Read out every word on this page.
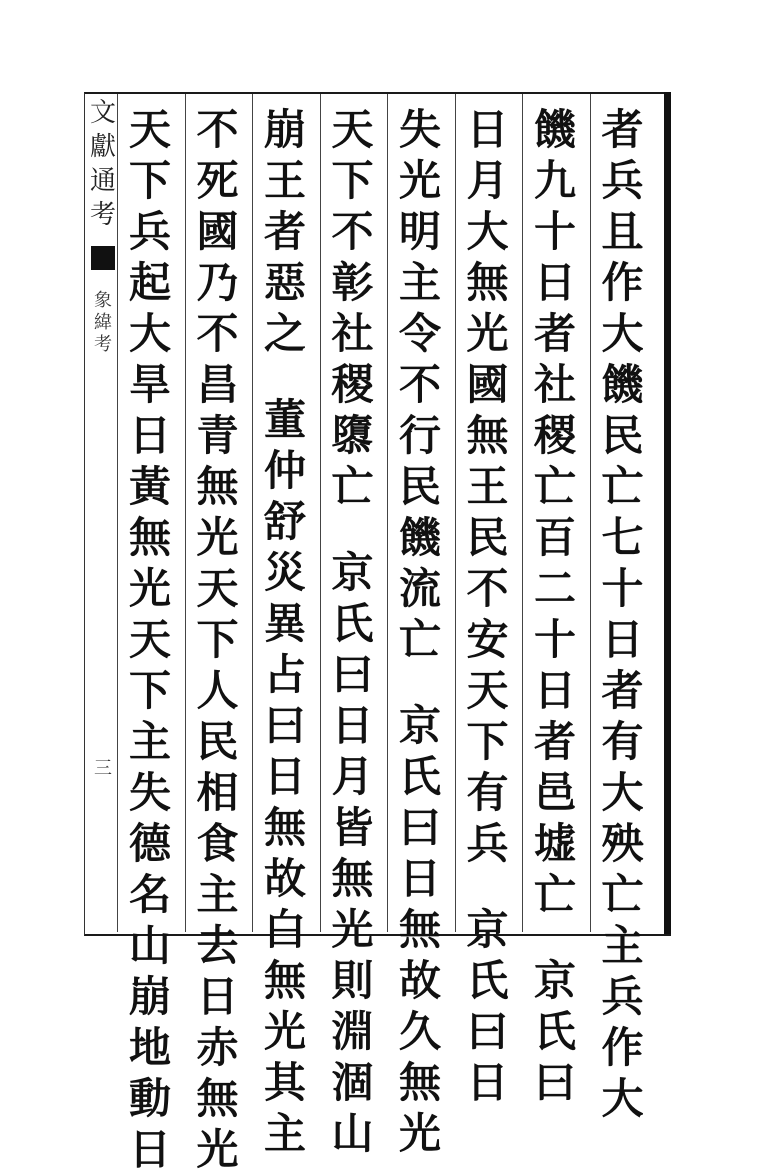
文
獻
通
考
象
緯
考
三
者
兵
且
作
大
饑
民
亡
七
十
日
者
有
大
殃
亡
主
兵
作
大
饑
九
十
日
者
社
稷
亡
百
二
十
日
者
邑
墟
亡
京
氏
曰
日
月
大
無
光
國
無
王
民
不
安
天
下
有
兵
京
氏
曰
日
失
光
明
主
令
不
行
民
饑
流
亡
京
氏
曰
日
無
故
久
無
光
天
下
不
彰
社
稷
隳
亡
京
氏
曰
日
月
皆
無
光
則
淵
涸
山
崩
王
者
惡
之
董
仲
舒
災
異
占
曰
日
無
故
白
無
光
其
主
不
死
國
乃
不
昌
青
無
光
天
下
人
民
相
食
主
去
日
赤
無
光
天
下
兵
起
大
旱
日
黃
無
光
天
下
主
失
德
名
山
崩
地
動
日
